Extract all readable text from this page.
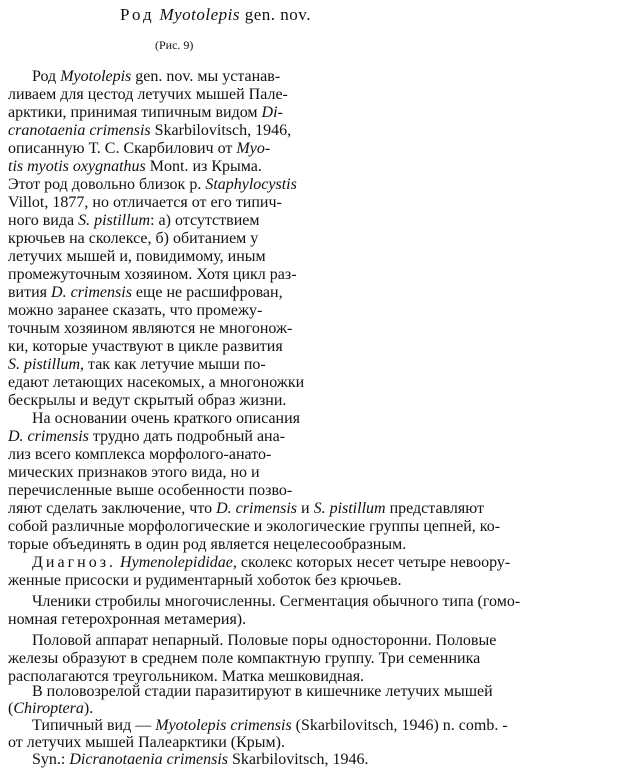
Род Myotolepis gen. nov.
(Рис. 9)
Род Myotolepis gen. nov. мы устанав-
ливаем для цестод летучих мышей Пале-
арктики, принимая типичным видом Di-
cranotaenia crimensis Skarbilovitsch, 1946,
описанную Т. С. Скарбилович от Myo-
tis myotis oxygnathus Mont. из Крыма.
Этот род довольно близок р. Staphylocystis
Villot, 1877, но отличается от его типич-
ного вида S. pistillum: а) отсутствием
крючьев на сколексе, б) обитанием у
летучих мышей и, повидимому, иным
промежуточным хозяином. Хотя цикл раз-
вития D. crimensis еще не расшифрован,
можно заранее сказать, что промежу-
точным хозяином являются не многонож-
ки, которые участвуют в цикле развития
S. pistillum, так как летучие мыши по-
едают летающих насекомых, а многоножки
бескрылы и ведут скрытый образ жизни.
На основании очень краткого описания
D. crimensis трудно дать подробный ана-
лиз всего комплекса морфолого-анато-
мических признаков этого вида, но и
перечисленные выше особенности позво-
ляют сделать заключение, что D. crimensis и S. pistillum представляют
собой различные морфологические и экологические группы цепней, ко-
торые объединять в один род является нецелесообразным.
Диагноз. Hymenolepididae, сколекс которых несет четыре невоору-
женные присоски и рудиментарный хоботок без крючьев.
Членики стробилы многочисленны. Сегментация обычного типа (гомо-
номная гетерохронная метамерия).
Половой аппарат непарный. Половые поры односторонни. Половые
железы образуют в среднем поле компактную группу. Три семенника
располагаются треугольником. Матка мешковидная.
В половозрелой стадии паразитируют в кишечнике летучих мышей
(Chiroptera).
Типичный вид — Myotolepis crimensis (Skarbilovitsch, 1946) n. comb. -
от летучих мышей Палеарктики (Крым).
Syn.: Dicranotaenia crimensis Skarbilovitsch, 1946.
